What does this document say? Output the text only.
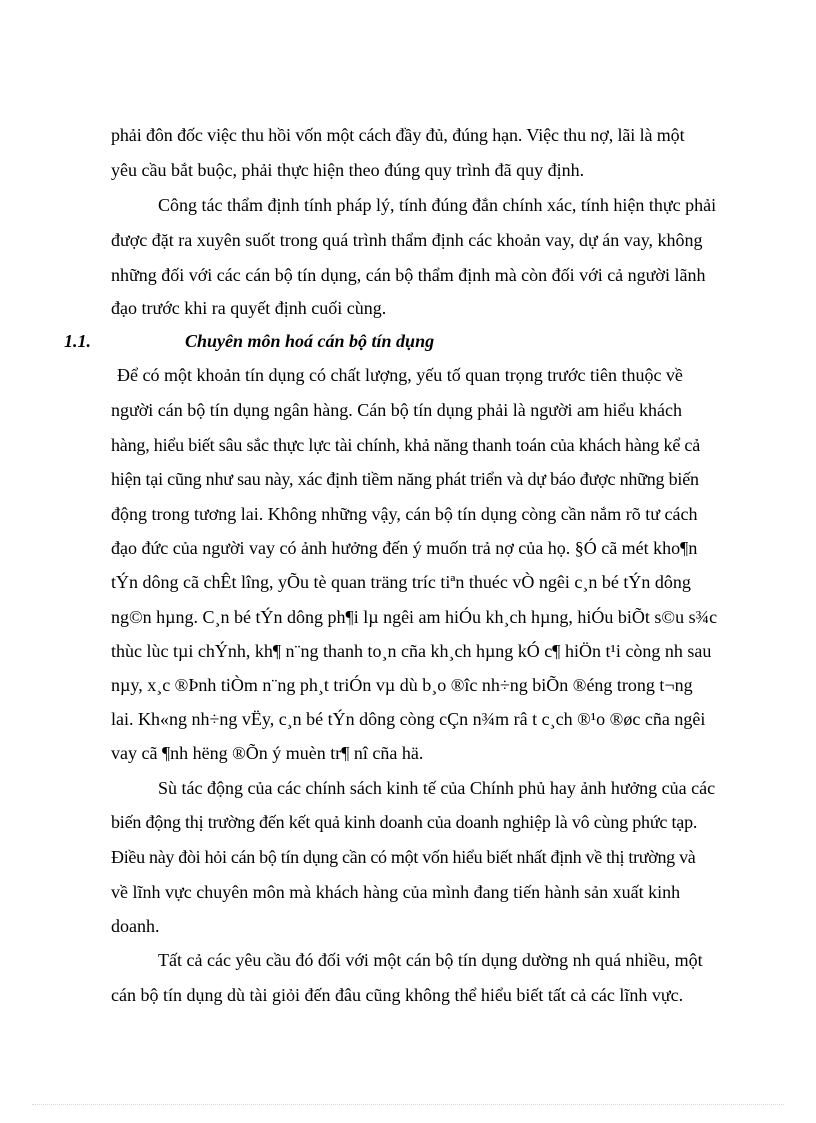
phải đôn đốc việc thu hồi vốn một cách đầy đủ, đúng hạn. Việc thu nợ, lãi là một
yêu cầu bắt buộc, phải thực hiện theo đúng quy trình đã quy định.
Công tác thẩm định tính pháp lý, tính đúng đắn chính xác, tính hiện thực phải
được đặt ra xuyên suốt trong quá trình thẩm định các khoản vay, dự án vay, không
những đối với các cán bộ tín dụng, cán bộ thẩm định mà còn đối với cả người lãnh
đạo trước khi ra quyết định cuối cùng.
1.1.	Chuyên môn hoá cán bộ tín dụng
Để có một khoản tín dụng có chất lượng, yếu tố quan trọng trước tiên thuộc về
người cán bộ tín dụng ngân hàng. Cán bộ tín dụng phải là người am hiểu khách
hàng, hiểu biết sâu sắc thực lực tài chính, khả năng thanh toán của khách hàng kể cả
hiện tại cũng như sau này, xác định tiềm năng phát triển và dự báo được những biến
động trong tương lai. Không những vậy, cán bộ tín dụng còng cần nắm rõ tư cách
đạo đức của người vay có ảnh hưởng đến ý muốn trả nợ của họ. §Ó cã mét kho¶n
tÝn dông cã chÊt lîng, yÕu tè quan träng tríc tiªn thuéc vÒ ngêi c¸n bé tÝn dông
ng©n hµng. C¸n bé tÝn dông ph¶i lµ ngêi am hiÓu kh¸ch hµng, hiÓu biÕt s©u s¾c
thùc lùc tµi chÝnh, kh¶ n¨ng thanh to¸n cña kh¸ch hµng kÓ c¶ hiÖn t¹i còng nh sau
nµy, x¸c ®Þnh tiÒm n¨ng ph¸t triÓn vµ dù b¸o ®îc nh÷ng biÕn ®éng trong t¬ng
lai. Kh«ng nh÷ng vËy, c¸n bé tÝn dông còng cÇn n¾m râ t c¸ch ®¹o ®øc cña ngêi
vay cã ¶nh hëng ®Õn ý muèn tr¶ nî cña hä.
Sù tác động của các chính sách kinh tế của Chính phủ hay ảnh hưởng của các
biến động thị trường đến kết quả kinh doanh của doanh nghiệp là vô cùng phức tạp.
Điều này đòi hỏi cán bộ tín dụng cần có một vốn hiểu biết nhất định về thị trường và
về lĩnh vực chuyên môn mà khách hàng của mình đang tiến hành sản xuất kinh
doanh.
Tất cả các yêu cầu đó đối với một cán bộ tín dụng dường nh quá nhiều, một
cán bộ tín dụng dù tài giỏi đến đâu cũng không thể hiểu biết tất cả các lĩnh vực.
